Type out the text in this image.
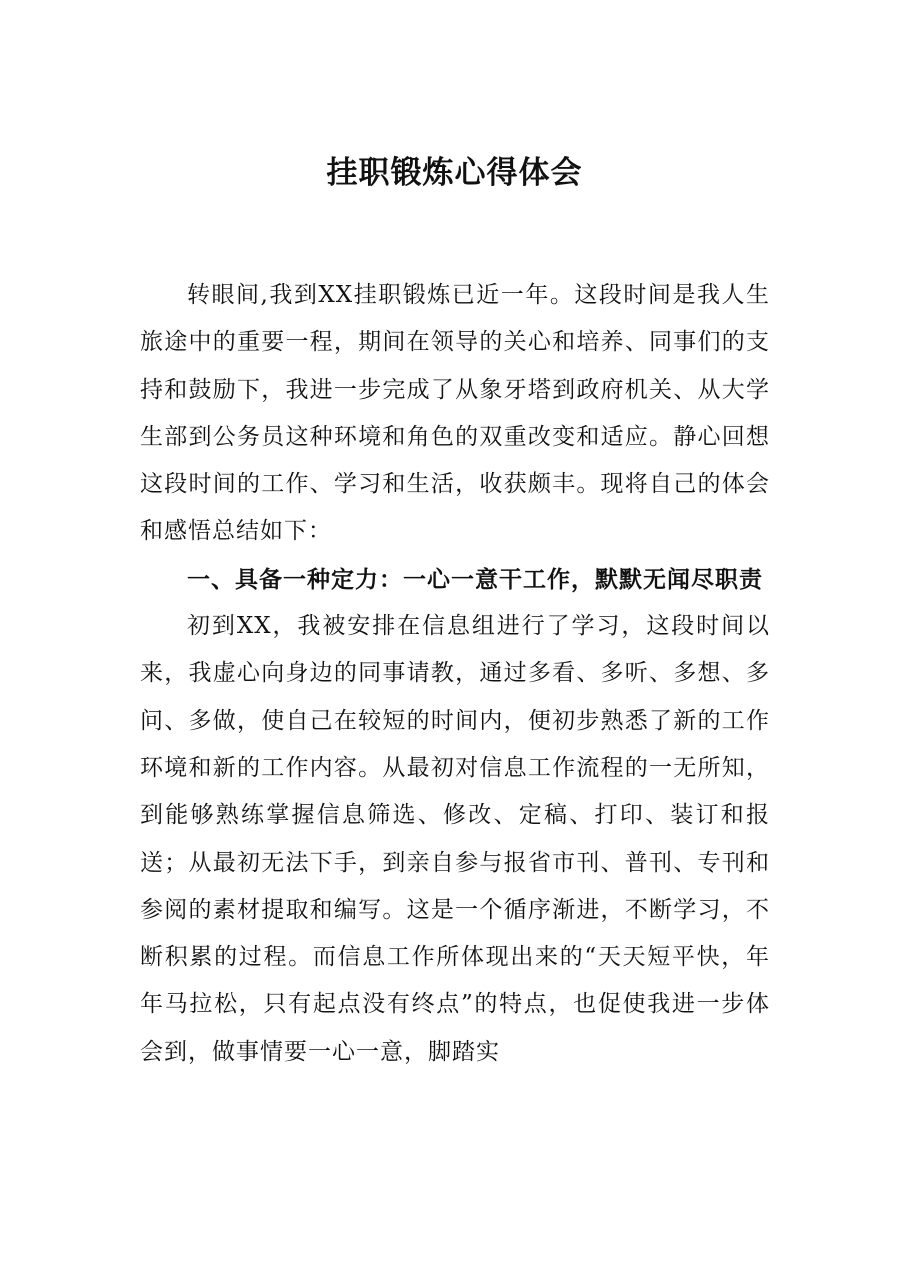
挂职锻炼心得体会

转眼间,我到XX挂职锻炼已近一年。这段时间是我人生旅途中的重要一程，期间在领导的关心和培养、同事们的支持和鼓励下，我进一步完成了从象牙塔到政府机关、从大学生部到公务员这种环境和角色的双重改变和适应。静心回想这段时间的工作、学习和生活，收获颇丰。现将自己的体会和感悟总结如下：

一、具备一种定力：一心一意干工作，默默无闻尽职责

初到XX，我被安排在信息组进行了学习，这段时间以来，我虚心向身边的同事请教，通过多看、多听、多想、多问、多做，使自己在较短的时间内，便初步熟悉了新的工作环境和新的工作内容。从最初对信息工作流程的一无所知，到能够熟练掌握信息筛选、修改、定稿、打印、装订和报送；从最初无法下手，到亲自参与报省市刊、普刊、专刊和参阅的素材提取和编写。这是一个循序渐进，不断学习，不断积累的过程。而信息工作所体现出来的“天天短平快，年年马拉松，只有起点没有终点”的特点，也促使我进一步体会到，做事情要一心一意，脚踏实
